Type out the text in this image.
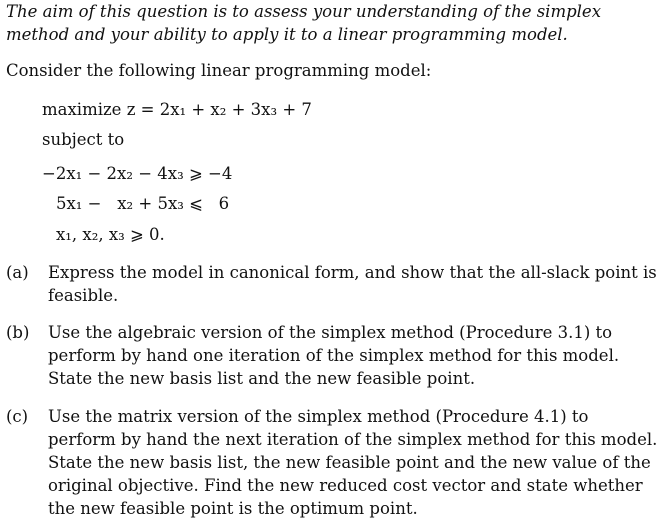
The aim of this question is to assess your understanding of the simplex method and your ability to apply it to a linear programming model.
Consider the following linear programming model:
maximize z = 2x₁ + x₂ + 3x₃ + 7
subject to
−2x₁ − 2x₂ − 4x₃ ⩾ −4
5x₁ −   x₂ + 5x₃ ⩽   6
x₁, x₂, x₃ ⩾ 0.
(a)	Express the model in canonical form, and show that the all-slack point is feasible.
(b)	Use the algebraic version of the simplex method (Procedure 3.1) to perform by hand one iteration of the simplex method for this model. State the new basis list and the new feasible point.
(c)	Use the matrix version of the simplex method (Procedure 4.1) to perform by hand the next iteration of the simplex method for this model. State the new basis list, the new feasible point and the new value of the original objective. Find the new reduced cost vector and state whether the new feasible point is the optimum point.
